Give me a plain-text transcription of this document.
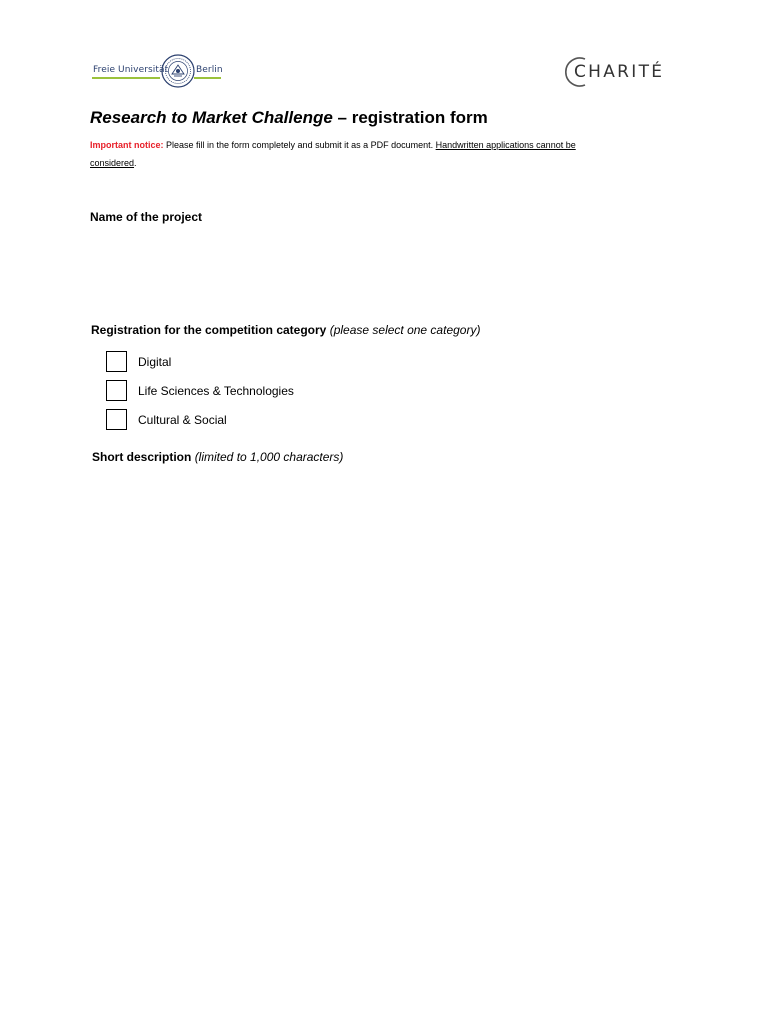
Freie Universität	Berlin	CHARITÉ
Research to Market Challenge – registration form

Important notice: Please fill in the form completely and submit it as a PDF document. Handwritten applications cannot be considered.

Name of the project
Registration for the competition category (please select one category)
Digital
Life Sciences & Technologies
Cultural & Social
Short description (limited to 1,000 characters)
